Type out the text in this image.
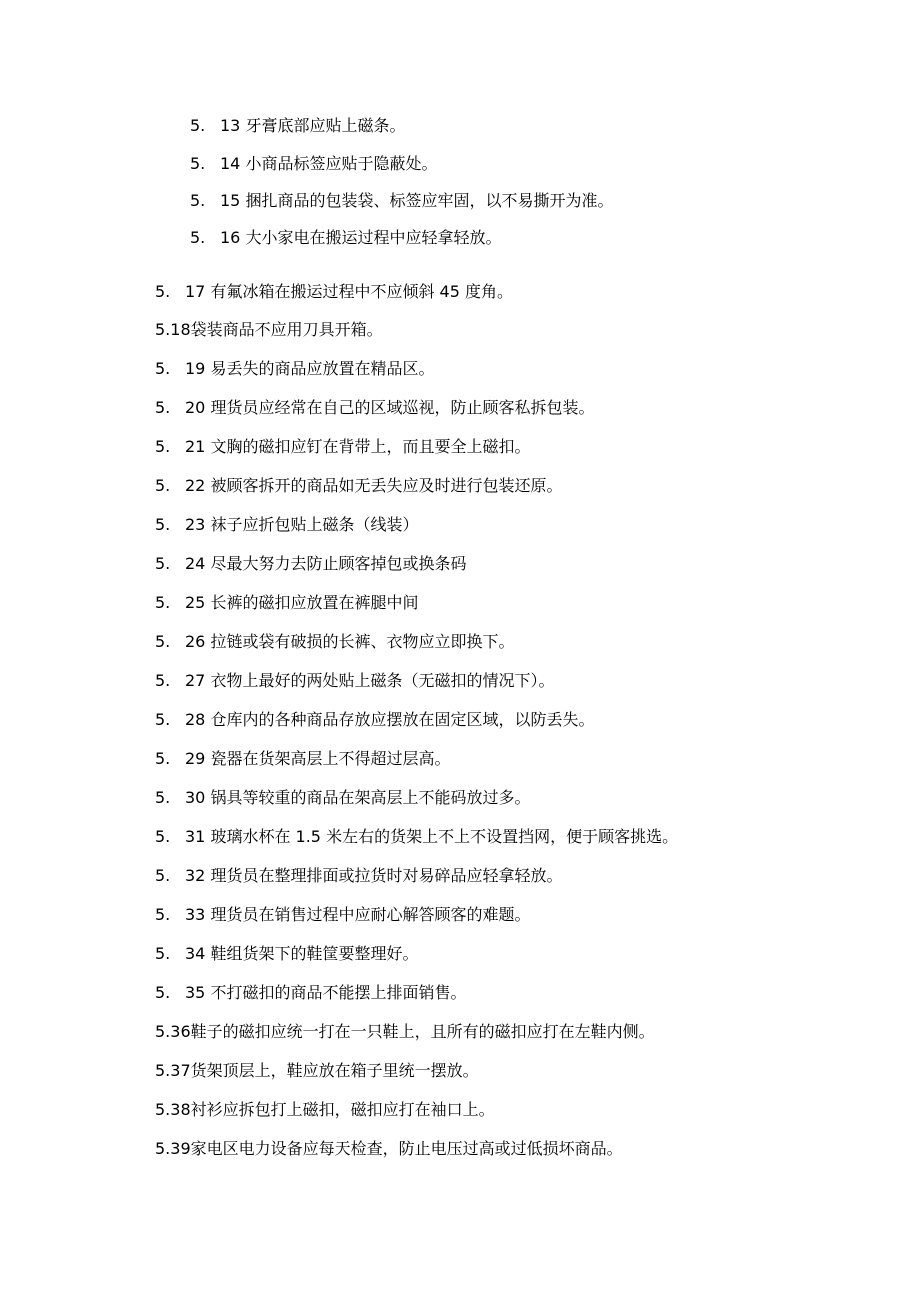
5. 13 牙膏底部应贴上磁条。
5. 14 小商品标签应贴于隐蔽处。
5. 15 捆扎商品的包装袋、标签应牢固，以不易撕开为准。
5. 16 大小家电在搬运过程中应轻拿轻放。
5. 17 有氟冰箱在搬运过程中不应倾斜 45 度角。
5.18袋装商品不应用刀具开箱。
5. 19 易丢失的商品应放置在精品区。
5. 20 理货员应经常在自己的区域巡视，防止顾客私拆包装。
5. 21 文胸的磁扣应钉在背带上，而且要全上磁扣。
5. 22 被顾客拆开的商品如无丢失应及时进行包装还原。
5. 23 袜子应折包贴上磁条（线装）
5. 24 尽最大努力去防止顾客掉包或换条码
5. 25 长裤的磁扣应放置在裤腿中间
5. 26 拉链或袋有破损的长裤、衣物应立即换下。
5. 27 衣物上最好的两处贴上磁条（无磁扣的情况下）。
5. 28 仓库内的各种商品存放应摆放在固定区域，以防丢失。
5. 29 瓷器在货架高层上不得超过层高。
5. 30 锅具等较重的商品在架高层上不能码放过多。
5. 31 玻璃水杯在 1.5 米左右的货架上不上不设置挡网，便于顾客挑选。
5. 32 理货员在整理排面或拉货时对易碎品应轻拿轻放。
5. 33 理货员在销售过程中应耐心解答顾客的难题。
5. 34 鞋组货架下的鞋筐要整理好。
5. 35 不打磁扣的商品不能摆上排面销售。
5.36鞋子的磁扣应统一打在一只鞋上，且所有的磁扣应打在左鞋内侧。
5.37货架顶层上，鞋应放在箱子里统一摆放。
5.38衬衫应拆包打上磁扣，磁扣应打在袖口上。
5.39家电区电力设备应每天检查，防止电压过高或过低损坏商品。
